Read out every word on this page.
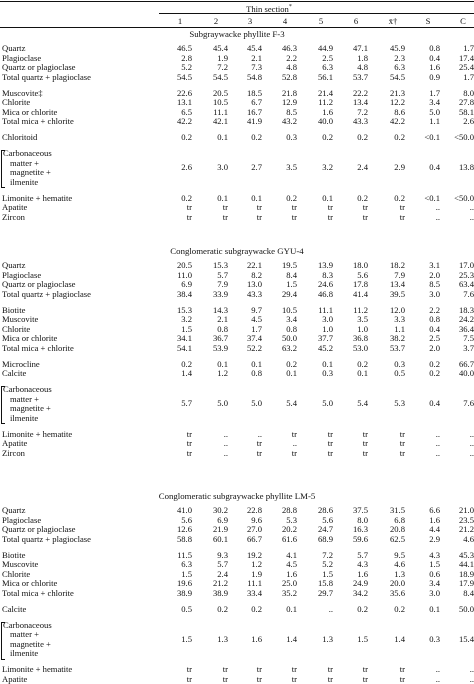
Thin section*
1	2	3	4	5	6	x̄†	S	C
Subgraywacke phyllite F-3
Quartz	46.5	45.4	45.4	46.3	44.9	47.1	45.9	0.8	1.7
Plagioclase	2.8	1.9	2.1	2.2	2.5	1.8	2.3	0.4	17.4
Quartz or plagioclase	5.2	7.2	7.3	4.8	6.3	4.8	6.3	1.6	25.4
Total quartz + plagioclase	54.5	54.5	54.8	52.8	56.1	53.7	54.5	0.9	1.7
Muscovite‡	22.6	20.5	18.5	21.8	21.4	22.2	21.3	1.7	8.0
Chlorite	13.1	10.5	6.7	12.9	11.2	13.4	12.2	3.4	27.8
Mica or chlorite	6.5	11.1	16.7	8.5	1.6	7.2	8.6	5.0	58.1
Total mica + chlorite	42.2	42.1	41.9	43.2	40.0	43.3	42.2	1.1	2.6
Chloritoid	0.2	0.1	0.2	0.3	0.2	0.2	0.2	<0.1	<50.0
Carbonaceous
matter +
magnetite +
ilmenite
2.6	3.0	2.7	3.5	3.2	2.4	2.9	0.4	13.8
Limonite + hematite	0.2	0.1	0.1	0.2	0.1	0.2	0.2	<0.1	<50.0
Apatite	tr	tr	tr	tr	tr	tr	tr	..	..
Zircon	tr	tr	tr	tr	tr	tr	tr	..	..
Conglomeratic subgraywacke GYU-4
Quartz	20.5	15.3	22.1	19.5	13.9	18.0	18.2	3.1	17.0
Plagioclase	11.0	5.7	8.2	8.4	8.3	5.6	7.9	2.0	25.3
Quartz or plagioclase	6.9	7.9	13.0	1.5	24.6	17.8	13.4	8.5	63.4
Total quartz + plagioclase	38.4	33.9	43.3	29.4	46.8	41.4	39.5	3.0	7.6
Biotite	15.3	14.3	9.7	10.5	11.1	11.2	12.0	2.2	18.3
Muscovite	3.2	2.1	4.5	3.4	3.0	3.5	3.3	0.8	24.2
Chlorite	1.5	0.8	1.7	0.8	1.0	1.0	1.1	0.4	36.4
Mica or chlorite	34.1	36.7	37.4	50.0	37.7	36.8	38.2	2.5	7.5
Total mica + chlorite	54.1	53.9	52.2	63.2	45.2	53.0	53.7	2.0	3.7
Microcline	0.2	0.1	0.1	0.2	0.1	0.2	0.3	0.2	66.7
Calcite	1.4	1.2	0.8	0.1	0.3	0.1	0.5	0.2	40.0
Carbonaceous
matter +
magnetite +
ilmenite
5.7	5.0	5.0	5.4	5.0	5.4	5.3	0.4	7.6
Limonite + hematite	tr	..	..	tr	tr	tr	tr	..	..
Apatite	tr	..	tr	..	tr	tr	tr	..	..
Zircon	tr	..	tr	tr	tr	tr	tr	..	..
Conglomeratic subgraywacke phyllite LM-5
Quartz	41.0	30.2	22.8	28.8	28.6	37.5	31.5	6.6	21.0
Plagioclase	5.6	6.9	9.6	5.3	5.6	8.0	6.8	1.6	23.5
Quartz or plagioclase	12.6	21.9	27.0	20.2	24.7	16.3	20.8	4.4	21.2
Total quartz + plagioclase	58.8	60.1	66.7	61.6	68.9	59.6	62.5	2.9	4.6
Biotite	11.5	9.3	19.2	4.1	7.2	5.7	9.5	4.3	45.3
Muscovite	6.3	5.7	1.2	4.5	5.2	4.3	4.6	1.5	44.1
Chlorite	1.5	2.4	1.9	1.6	1.5	1.6	1.3	0.6	18.9
Mica or chlorite	19.6	21.2	11.1	25.0	15.8	24.9	20.0	3.4	17.9
Total mica + chlorite	38.9	38.9	33.4	35.2	29.7	34.2	35.6	3.0	8.4
Calcite	0.5	0.2	0.2	0.1	..	0.2	0.2	0.1	50.0
Carbonaceous
matter +
magnetite +
ilmenite
1.5	1.3	1.6	1.4	1.3	1.5	1.4	0.3	15.4
Limonite + hematite	tr	tr	tr	tr	tr	tr	tr	..	..
Apatite	tr	tr	tr	tr	tr	tr	tr	..	..
